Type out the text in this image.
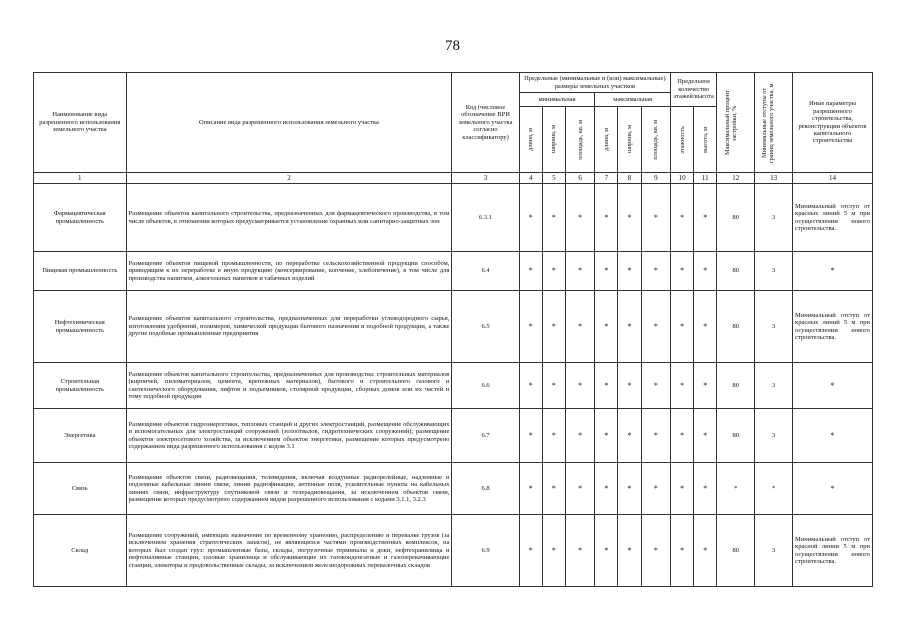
78
Наименование вида разрешенного использования земельного участка	Описание вида разрешенного использования земельного участка	Код (числовое обозначение ВРИ земельного участка согласно классификатору)	Предельные (минимальные и (или) максимальные) размеры земельных участков						Предельное количество этажей/высота		Максимальный процент застройки, %	Минимальные отступы от границ земельного участка, м	Иные параметры разрешенного строительства, реконструкции объектов капитального строительства
			минимальная			максимальная							

			длина, м	ширина, м	площадь, кв. м	длина, м	ширина, м	площадь, кв. м	этажность	высота, м			

1	2	3	4	5	6	7	8	9	10	11	12	13	14
Фармацевтическая промышленность	Размещение объектов капитального строительства, предназначенных для фармацевтического производства, в том числе объектов, в отношении которых предусматривается установление охранных или санитарно-защитных зон	6.3.1	*	*	*	*	*	*	*	*	80	3	Минимальный отступ от красных линий 5 м при осуществлении нового строительства.
Пищевая промышленность	Размещение объектов пищевой промышленности, по переработке сельскохозяйственной продукции способом, приводящим к их переработке в иную продукцию (консервирование, копчение, хлебопечение), в том числе для производства напитков, алкогольных напитков и табачных изделий	6.4	*	*	*	*	*	*	*	*	80	3	*
Нефтехимическая промышленность	Размещение объектов капитального строительства, предназначенных для переработки углеводородного сырья, изготовления удобрений, полимеров, химической продукции бытового назначения и подобной продукции, а также другие подобные промышленные предприятия	6.5	*	*	*	*	*	*	*	*	80	3	Минимальный отступ от красных линий 5 м при осуществлении нового строительства.
Строительная промышленность	Размещение объектов капитального строительства, предназначенных для производства: строительных материалов (кирпичей, пиломатериалов, цемента, крепежных материалов), бытового и строительного газового и сантехнического оборудования, лифтов и подъемников, столярной продукции, сборных домов или их частей и тому подобной продукции	6.6	*	*	*	*	*	*	*	*	80	3	*
Энергетика	Размещение объектов гидроэнергетики, тепловых станций и других электростанций, размещение обслуживающих и вспомогательных для электростанций сооружений (золоотвалов, гидротехнических сооружений); размещение объектов электросетевого хозяйства, за исключением объектов энергетики, размещение которых предусмотрено содержанием вида разрешенного использования с кодом 3.1	6.7	*	*	*	*	*	*	*	*	80	3	*
Связь	Размещение объектов связи, радиовещания, телевидения, включая воздушные радиорелейные, надземные и подземные кабельные линии связи, линии радиофикации, антенные поля, усилительные пункты на кабельных линиях связи, инфраструктуру спутниковой связи и телерадиовещания, за исключением объектов связи, размещение которых предусмотрено содержанием видов разрешенного использования с кодами 3.1.1, 3.2.3	6.8	*	*	*	*	*	*	*	*	*	*	*
Склад	Размещение сооружений, имеющих назначение по временному хранению, распределению и перевалке грузов (за исключением хранения стратегических запасов), не являющихся частями производственных комплексов, на которых был создан груз: промышленные базы, склады, погрузочные терминалы и доки, нефтехранилища и нефтеналивные станции, газовые хранилища и обслуживающие их газоконденсатные и газоперекачивающие станции, элеваторы и продовольственные склады, за исключением железнодорожных перевалочных складов	6.9	*	*	*	*	*	*	*	*	80	3	Минимальный отступ от красной линии 5 м при осуществлении нового строительства.
